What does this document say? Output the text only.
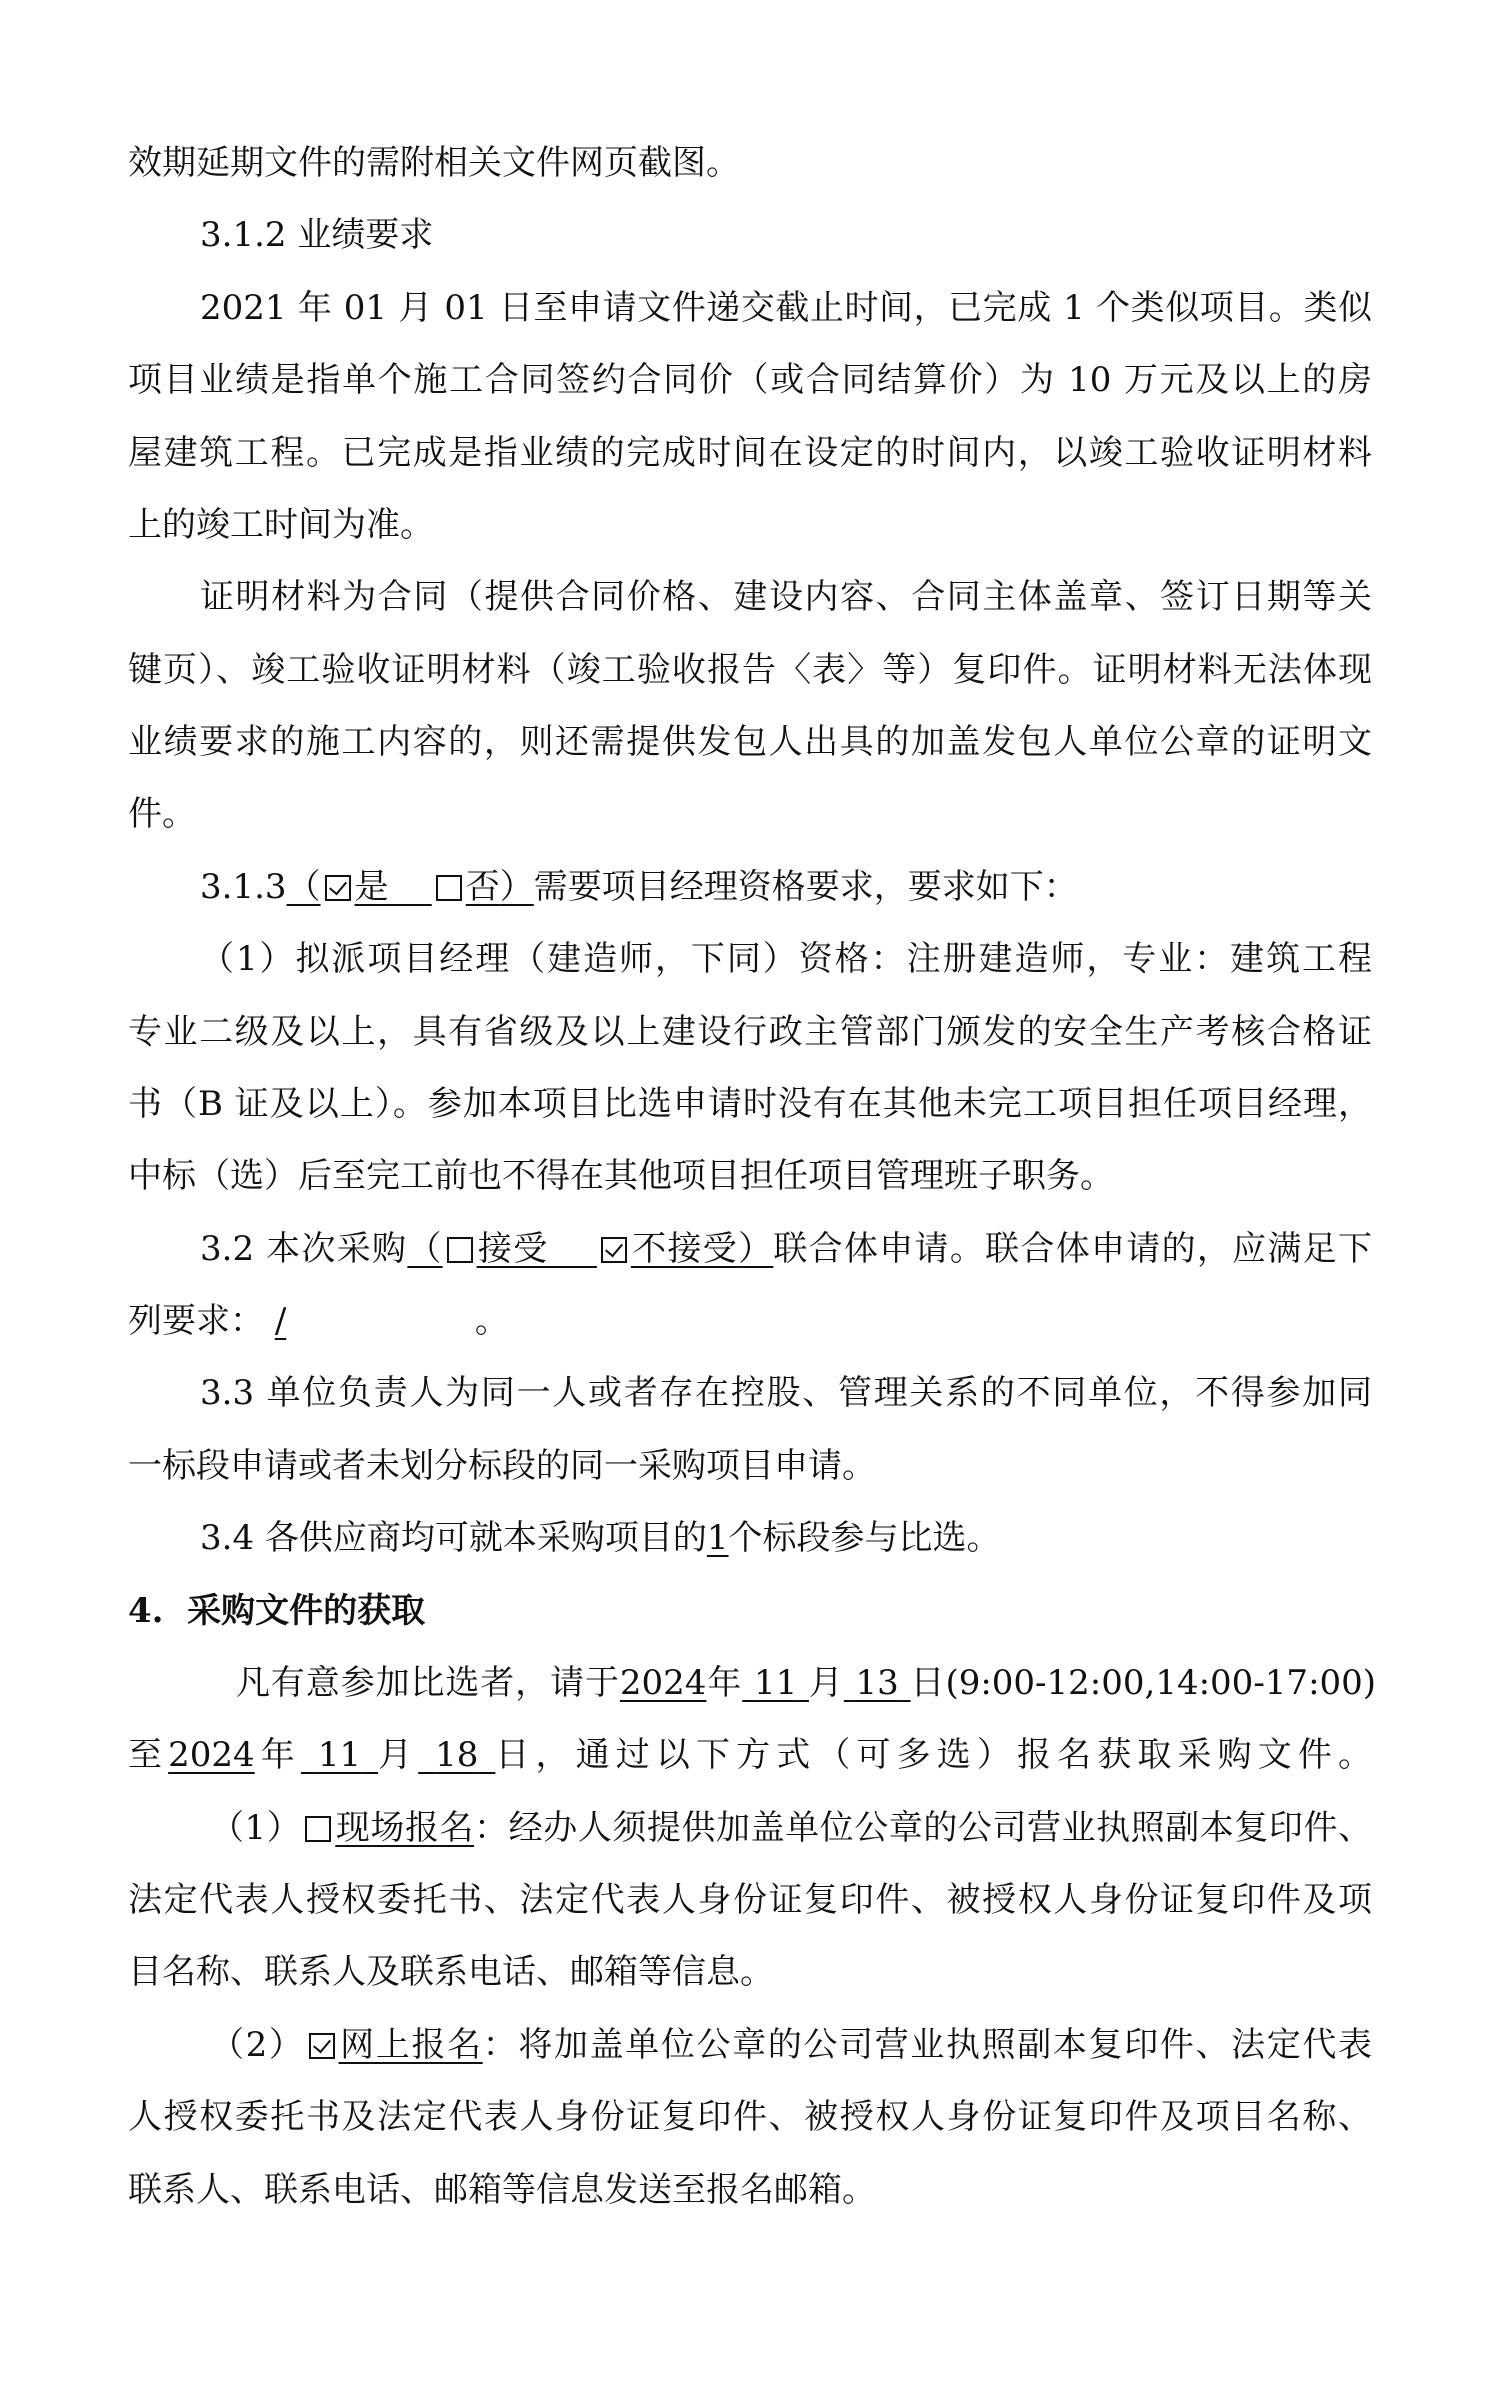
效期延期文件的需附相关文件网页截图。
3.1.2 业绩要求
2021 年 01 月 01 日至申请文件递交截止时间，已完成 1 个类似项目。类似
项目业绩是指单个施工合同签约合同价（或合同结算价）为 10 万元及以上的房
屋建筑工程。已完成是指业绩的完成时间在设定的时间内，以竣工验收证明材料
上的竣工时间为准。
证明材料为合同（提供合同价格、建设内容、合同主体盖章、签订日期等关
键页）、竣工验收证明材料（竣工验收报告〈表〉等）复印件。证明材料无法体现
业绩要求的施工内容的，则还需提供发包人出具的加盖发包人单位公章的证明文
件。
3.1.3（ 是 否）需要项目经理资格要求，要求如下：
（1）拟派项目经理（建造师，下同）资格：注册建造师，专业：建筑工程
专业二级及以上，具有省级及以上建设行政主管部门颁发的安全生产考核合格证
书（B 证及以上）。参加本项目比选申请时没有在其他未完工项目担任项目经理，
中标（选）后至完工前也不得在其他项目担任项目管理班子职务。
3.2 本次采购（ 接受 不接受）联合体申请。联合体申请的，应满足下
列要求： /	。
3.3 单位负责人为同一人或者存在控股、管理关系的不同单位，不得参加同
一标段申请或者未划分标段的同一采购项目申请。
3.4 各供应商均可就本采购项目的1个标段参与比选。
4.  采购文件的获取
凡有意参加比选者，请于2024年 11 月 13 日(9:00-12:00,14:00-17:00)
至2024年 11 月 18 日，通过以下方式（可多选）报名获取采购文件。
（1） 现场报名：经办人须提供加盖单位公章的公司营业执照副本复印件、
法定代表人授权委托书、法定代表人身份证复印件、被授权人身份证复印件及项
目名称、联系人及联系电话、邮箱等信息。
（2） 网上报名：将加盖单位公章的公司营业执照副本复印件、法定代表
人授权委托书及法定代表人身份证复印件、被授权人身份证复印件及项目名称、
联系人、联系电话、邮箱等信息发送至报名邮箱。
